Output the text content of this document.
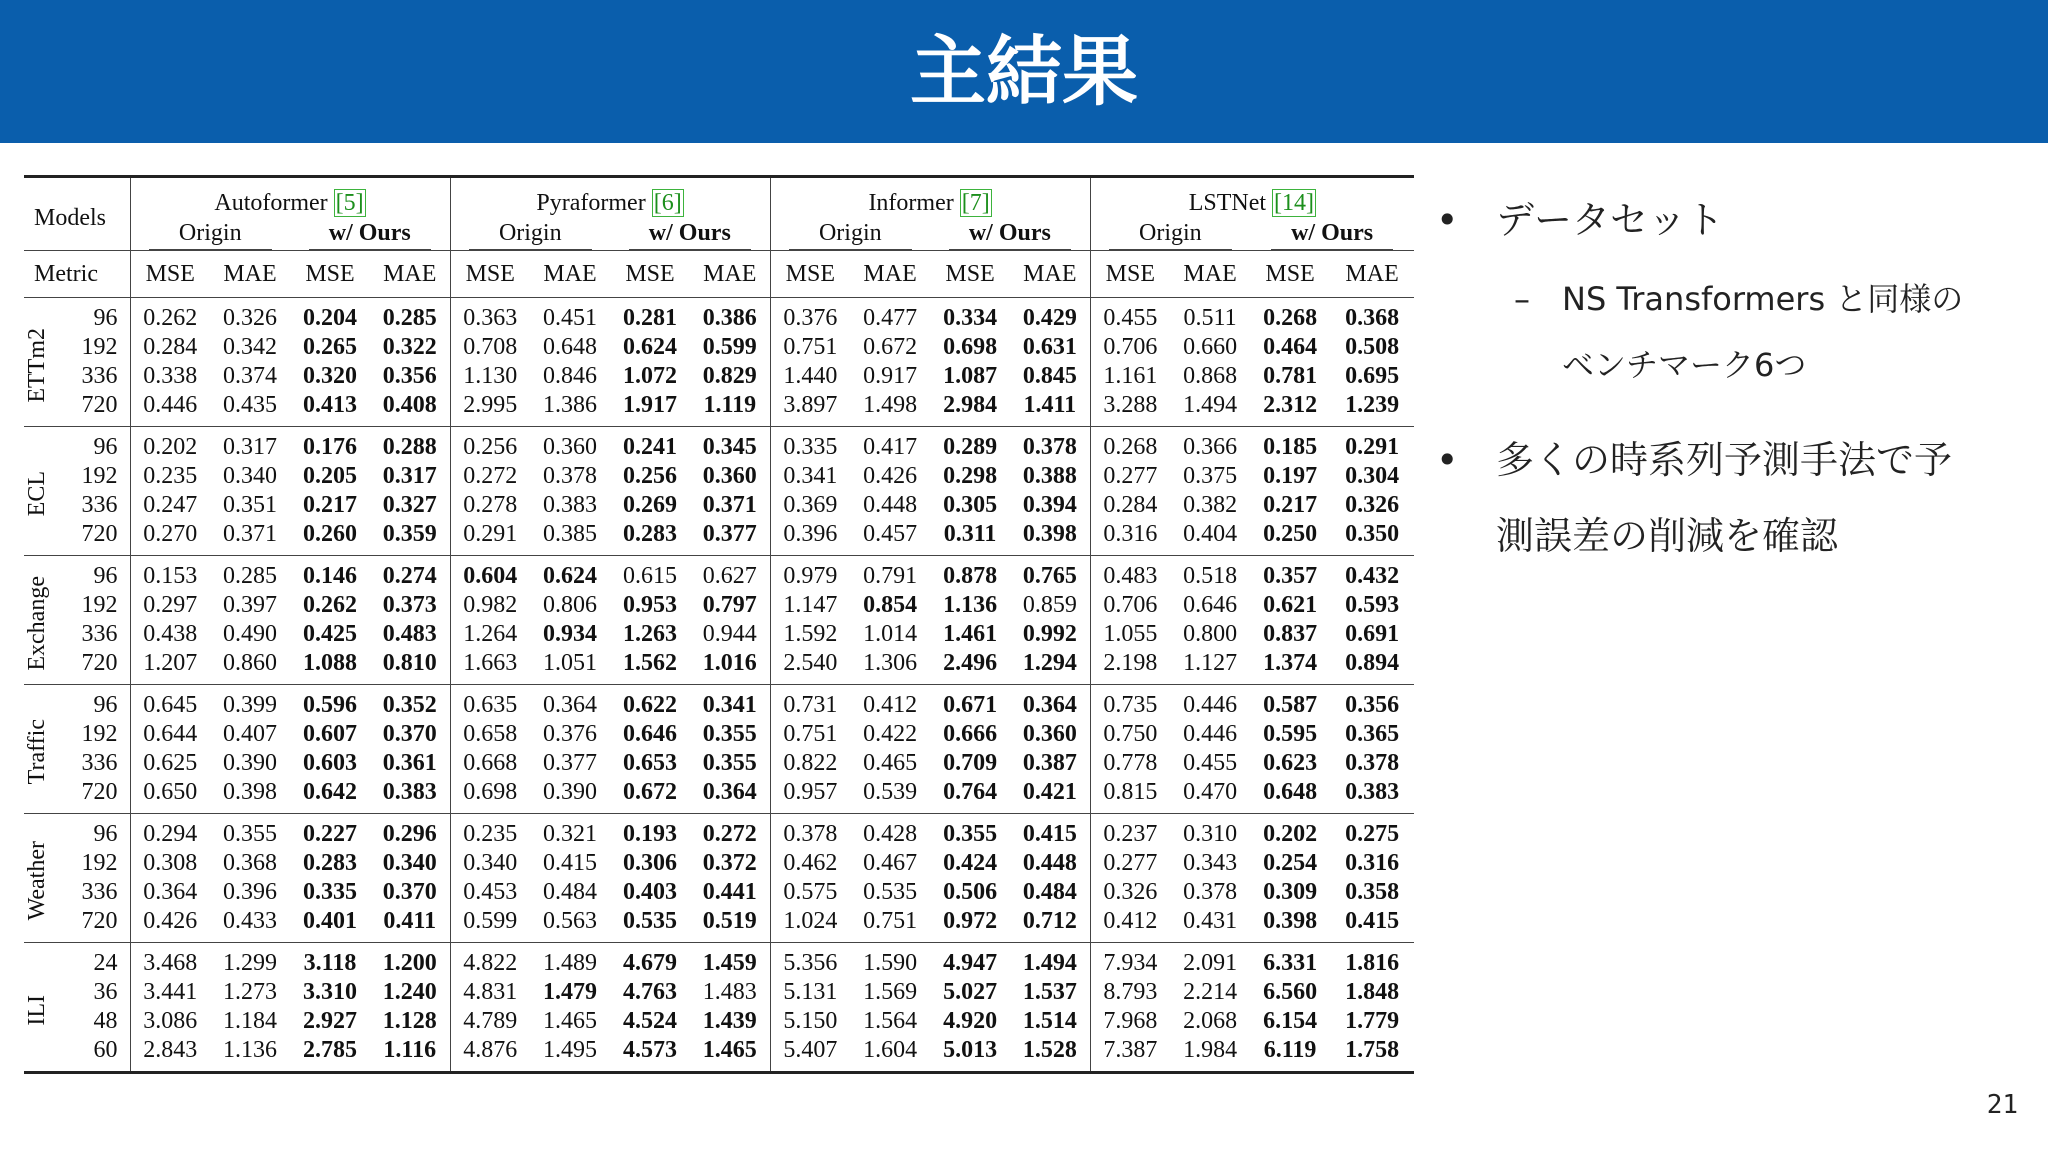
主結果
Models		Autoformer [5]				Pyraformer [6]				Informer [7]				LSTNet [14]			
		Origin		w/ Ours		Origin		w/ Ours		Origin		w/ Ours		Origin		w/ Ours	
Metric		MSE	MAE	MSE	MAE	MSE	MAE	MSE	MAE	MSE	MAE	MSE	MAE	MSE	MAE	MSE	MAE

ETTm2	96	0.262	0.326	0.204	0.285	0.363	0.451	0.281	0.386	0.376	0.477	0.334	0.429	0.455	0.511	0.268	0.368
	192	0.284	0.342	0.265	0.322	0.708	0.648	0.624	0.599	0.751	0.672	0.698	0.631	0.706	0.660	0.464	0.508
	336	0.338	0.374	0.320	0.356	1.130	0.846	1.072	0.829	1.440	0.917	1.087	0.845	1.161	0.868	0.781	0.695
	720	0.446	0.435	0.413	0.408	2.995	1.386	1.917	1.119	3.897	1.498	2.984	1.411	3.288	1.494	2.312	1.239

ECL	96	0.202	0.317	0.176	0.288	0.256	0.360	0.241	0.345	0.335	0.417	0.289	0.378	0.268	0.366	0.185	0.291
	192	0.235	0.340	0.205	0.317	0.272	0.378	0.256	0.360	0.341	0.426	0.298	0.388	0.277	0.375	0.197	0.304
	336	0.247	0.351	0.217	0.327	0.278	0.383	0.269	0.371	0.369	0.448	0.305	0.394	0.284	0.382	0.217	0.326
	720	0.270	0.371	0.260	0.359	0.291	0.385	0.283	0.377	0.396	0.457	0.311	0.398	0.316	0.404	0.250	0.350

Exchange	96	0.153	0.285	0.146	0.274	0.604	0.624	0.615	0.627	0.979	0.791	0.878	0.765	0.483	0.518	0.357	0.432
	192	0.297	0.397	0.262	0.373	0.982	0.806	0.953	0.797	1.147	0.854	1.136	0.859	0.706	0.646	0.621	0.593
	336	0.438	0.490	0.425	0.483	1.264	0.934	1.263	0.944	1.592	1.014	1.461	0.992	1.055	0.800	0.837	0.691
	720	1.207	0.860	1.088	0.810	1.663	1.051	1.562	1.016	2.540	1.306	2.496	1.294	2.198	1.127	1.374	0.894

Traffic	96	0.645	0.399	0.596	0.352	0.635	0.364	0.622	0.341	0.731	0.412	0.671	0.364	0.735	0.446	0.587	0.356
	192	0.644	0.407	0.607	0.370	0.658	0.376	0.646	0.355	0.751	0.422	0.666	0.360	0.750	0.446	0.595	0.365
	336	0.625	0.390	0.603	0.361	0.668	0.377	0.653	0.355	0.822	0.465	0.709	0.387	0.778	0.455	0.623	0.378
	720	0.650	0.398	0.642	0.383	0.698	0.390	0.672	0.364	0.957	0.539	0.764	0.421	0.815	0.470	0.648	0.383

Weather	96	0.294	0.355	0.227	0.296	0.235	0.321	0.193	0.272	0.378	0.428	0.355	0.415	0.237	0.310	0.202	0.275
	192	0.308	0.368	0.283	0.340	0.340	0.415	0.306	0.372	0.462	0.467	0.424	0.448	0.277	0.343	0.254	0.316
	336	0.364	0.396	0.335	0.370	0.453	0.484	0.403	0.441	0.575	0.535	0.506	0.484	0.326	0.378	0.309	0.358
	720	0.426	0.433	0.401	0.411	0.599	0.563	0.535	0.519	1.024	0.751	0.972	0.712	0.412	0.431	0.398	0.415

ILI	24	3.468	1.299	3.118	1.200	4.822	1.489	4.679	1.459	5.356	1.590	4.947	1.494	7.934	2.091	6.331	1.816
	36	3.441	1.273	3.310	1.240	4.831	1.479	4.763	1.483	5.131	1.569	5.027	1.537	8.793	2.214	6.560	1.848
	48	3.086	1.184	2.927	1.128	4.789	1.465	4.524	1.439	5.150	1.564	4.920	1.514	7.968	2.068	6.154	1.779
	60	2.843	1.136	2.785	1.116	4.876	1.495	4.573	1.465	5.407	1.604	5.013	1.528	7.387	1.984	6.119	1.758
• データセット
– NS Transformers と同様の
ベンチマーク6つ
• 多くの時系列予測手法で予
測誤差の削減を確認
21
